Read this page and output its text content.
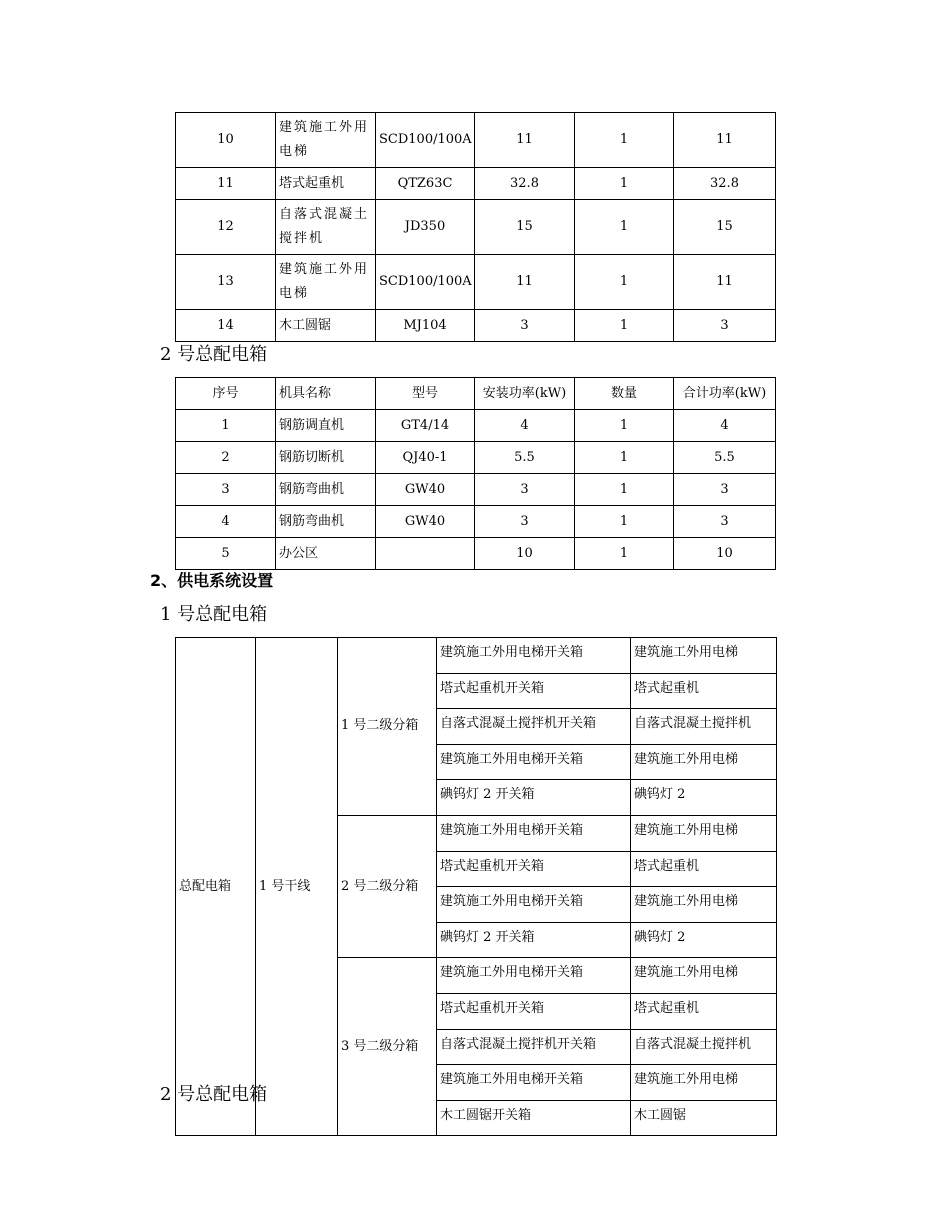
10	建筑施工外用电梯	SCD100/100A	11	1	11
11	塔式起重机	QTZ63C	32.8	1	32.8
12	自落式混凝土搅拌机	JD350	15	1	15
13	建筑施工外用电梯	SCD100/100A	11	1	11
14	木工圆锯	MJ104	3	1	3
2 号总配电箱
序号	机具名称	型号	安装功率(kW)	数量	合计功率(kW)
1	钢筋调直机	GT4/14	4	1	4
2	钢筋切断机	QJ40-1	5.5	1	5.5
3	钢筋弯曲机	GW40	3	1	3
4	钢筋弯曲机	GW40	3	1	3
5	办公区		10	1	10
2、供电系统设置
1 号总配电箱
总配电箱	1 号干线	1 号二级分箱	建筑施工外用电梯开关箱	建筑施工外用电梯
			塔式起重机开关箱	塔式起重机
			自落式混凝土搅拌机开关箱	自落式混凝土搅拌机
			建筑施工外用电梯开关箱	建筑施工外用电梯
			碘钨灯 2 开关箱	碘钨灯 2
		2 号二级分箱	建筑施工外用电梯开关箱	建筑施工外用电梯
			塔式起重机开关箱	塔式起重机
			建筑施工外用电梯开关箱	建筑施工外用电梯
			碘钨灯 2 开关箱	碘钨灯 2
		3 号二级分箱	建筑施工外用电梯开关箱	建筑施工外用电梯
			塔式起重机开关箱	塔式起重机
			自落式混凝土搅拌机开关箱	自落式混凝土搅拌机
			建筑施工外用电梯开关箱	建筑施工外用电梯
			木工圆锯开关箱	木工圆锯
2 号总配电箱
